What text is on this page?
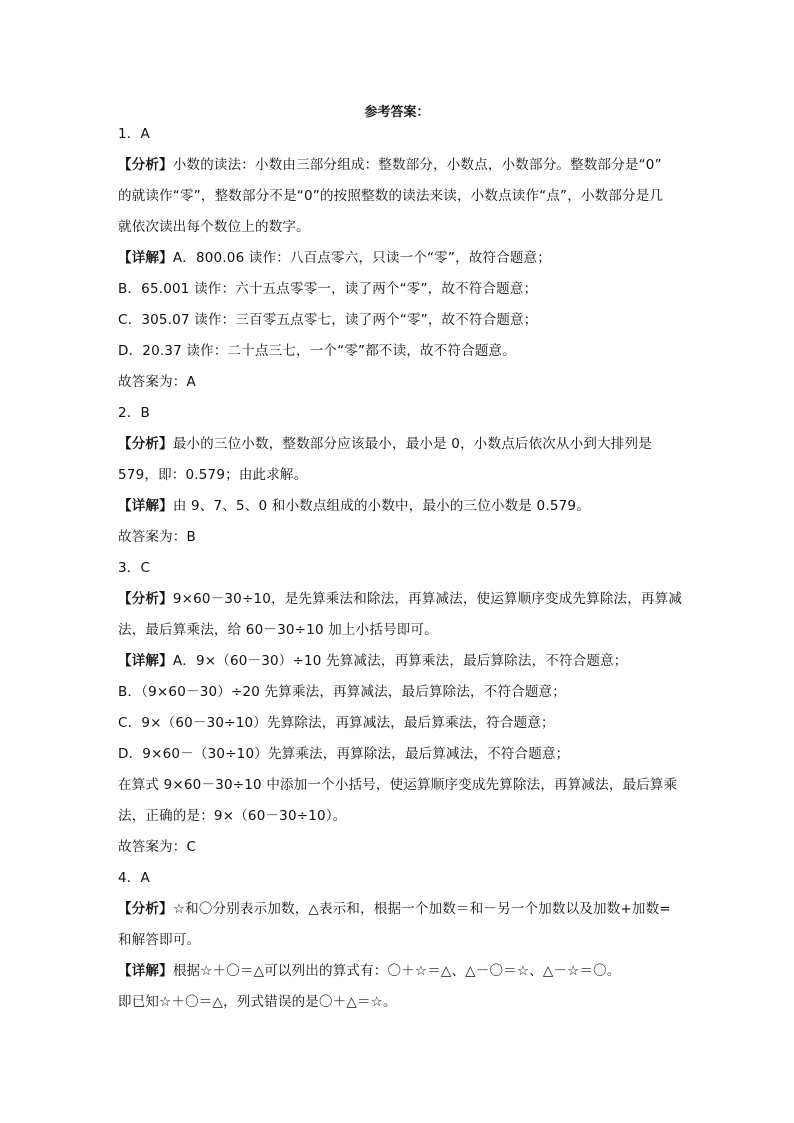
参考答案：
1．A
【分析】小数的读法：小数由三部分组成：整数部分，小数点，小数部分。整数部分是“0”
的就读作“零”，整数部分不是“0”的按照整数的读法来读，小数点读作“点”，小数部分是几
就依次读出每个数位上的数字。
【详解】A．800.06 读作：八百点零六，只读一个“零”，故符合题意；
B．65.001 读作：六十五点零零一，读了两个“零”，故不符合题意；
C．305.07 读作：三百零五点零七，读了两个“零”，故不符合题意；
D．20.37 读作：二十点三七，一个“零”都不读，故不符合题意。
故答案为：A
2．B
【分析】最小的三位小数，整数部分应该最小，最小是 0，小数点后依次从小到大排列是
579，即：0.579；由此求解。
【详解】由 9、7、5、0 和小数点组成的小数中，最小的三位小数是 0.579。
故答案为：B
3．C
【分析】9×60－30÷10，是先算乘法和除法，再算减法，使运算顺序变成先算除法，再算减
法，最后算乘法，给 60－30÷10 加上小括号即可。
【详解】A．9×（60－30）÷10 先算减法，再算乘法，最后算除法，不符合题意；
B．（9×60－30）÷20 先算乘法，再算减法，最后算除法，不符合题意；
C．9×（60－30÷10）先算除法，再算减法，最后算乘法，符合题意；
D．9×60－（30÷10）先算乘法，再算除法，最后算减法，不符合题意；
在算式 9×60－30÷10 中添加一个小括号，使运算顺序变成先算除法，再算减法，最后算乘
法，正确的是：9×（60－30÷10）。
故答案为：C
4．A
【分析】☆和〇分别表示加数，△表示和，根据一个加数＝和－另一个加数以及加数+加数=
和解答即可。
【详解】根据☆＋〇＝△可以列出的算式有：〇＋☆＝△、△－〇＝☆、△－☆＝〇。
即已知☆＋〇＝△，列式错误的是〇＋△＝☆。
